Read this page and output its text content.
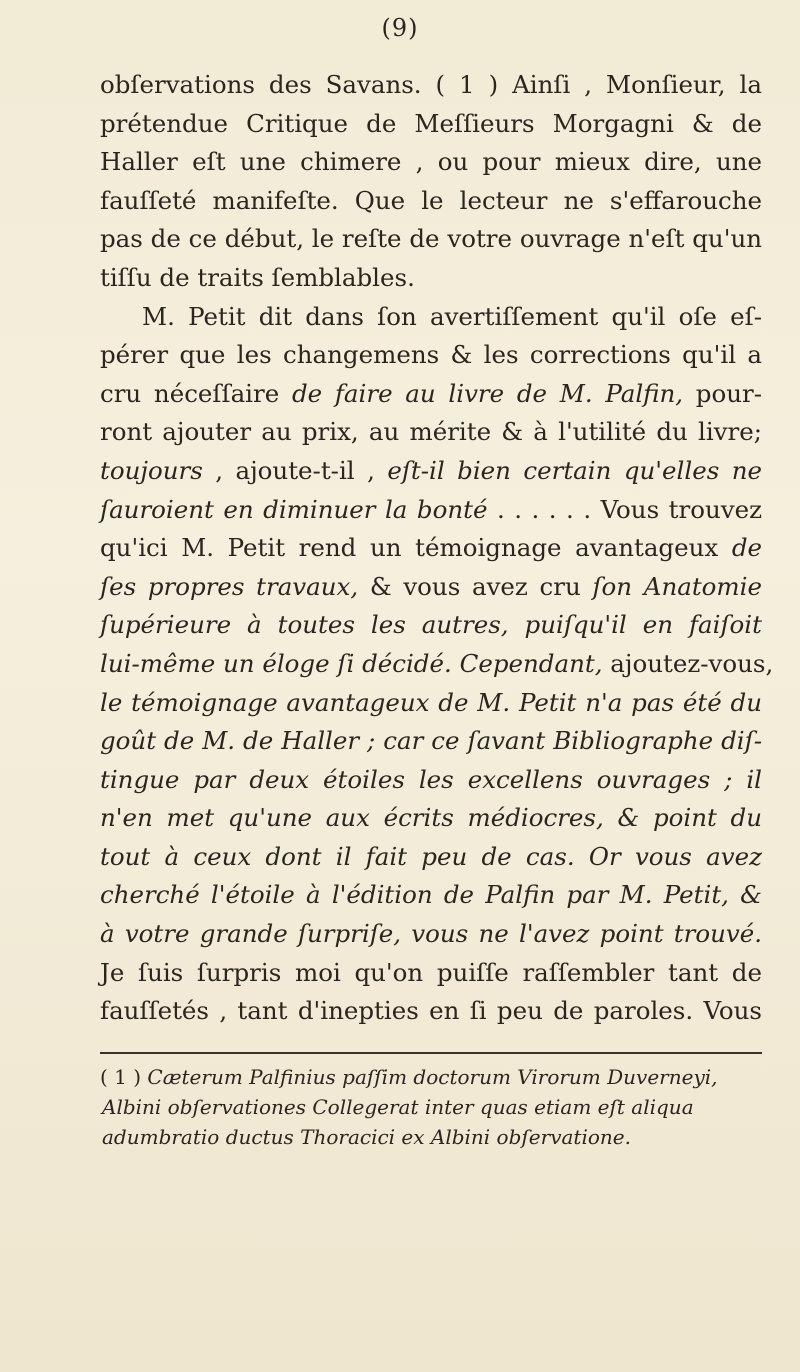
(9)
obſervations des Savans. ( 1 ) Ainſi , Monſieur, la
prétendue Critique de Meſſieurs Morgagni & de
Haller eſt une chimere , ou pour mieux dire, une
fauſſeté manifeſte. Que le lecteur ne s'effarouche
pas de ce début, le reſte de votre ouvrage n'eſt qu'un
tiſſu de traits ſemblables.
M. Petit dit dans ſon avertiſſement qu'il oſe eſ-
pérer que les changemens & les corrections qu'il a
cru néceſſaire de faire au livre de M. Palfin, pour-
ront ajouter au prix, au mérite & à l'utilité du livre;
toujours , ajoute-t-il , eſt-il bien certain qu'elles ne
ſauroient en diminuer la bonté . . . . . . Vous trouvez
qu'ici M. Petit rend un témoignage avantageux de
ſes propres travaux, & vous avez cru ſon Anatomie
ſupérieure à toutes les autres, puiſqu'il en faiſoit
lui-même un éloge ſi décidé. Cependant, ajoutez-vous,
le témoignage avantageux de M. Petit n'a pas été du
goût de M. de Haller ; car ce ſavant Bibliographe diſ-
tingue par deux étoiles les excellens ouvrages ; il
n'en met qu'une aux écrits médiocres, & point du
tout à ceux dont il fait peu de cas. Or vous avez
cherché l'étoile à l'édition de Palfin par M. Petit, &
à votre grande ſurpriſe, vous ne l'avez point trouvé.
Je ſuis ſurpris moi qu'on puiſſe raſſembler tant de
fauſſetés , tant d'inepties en ſi peu de paroles. Vous
( 1 ) Cæterum Palfinius paſſim doctorum Virorum Duverneyi,
Albini obſervationes Collegerat inter quas etiam eſt aliqua
adumbratio ductus Thoracici ex Albini obſervatione.
